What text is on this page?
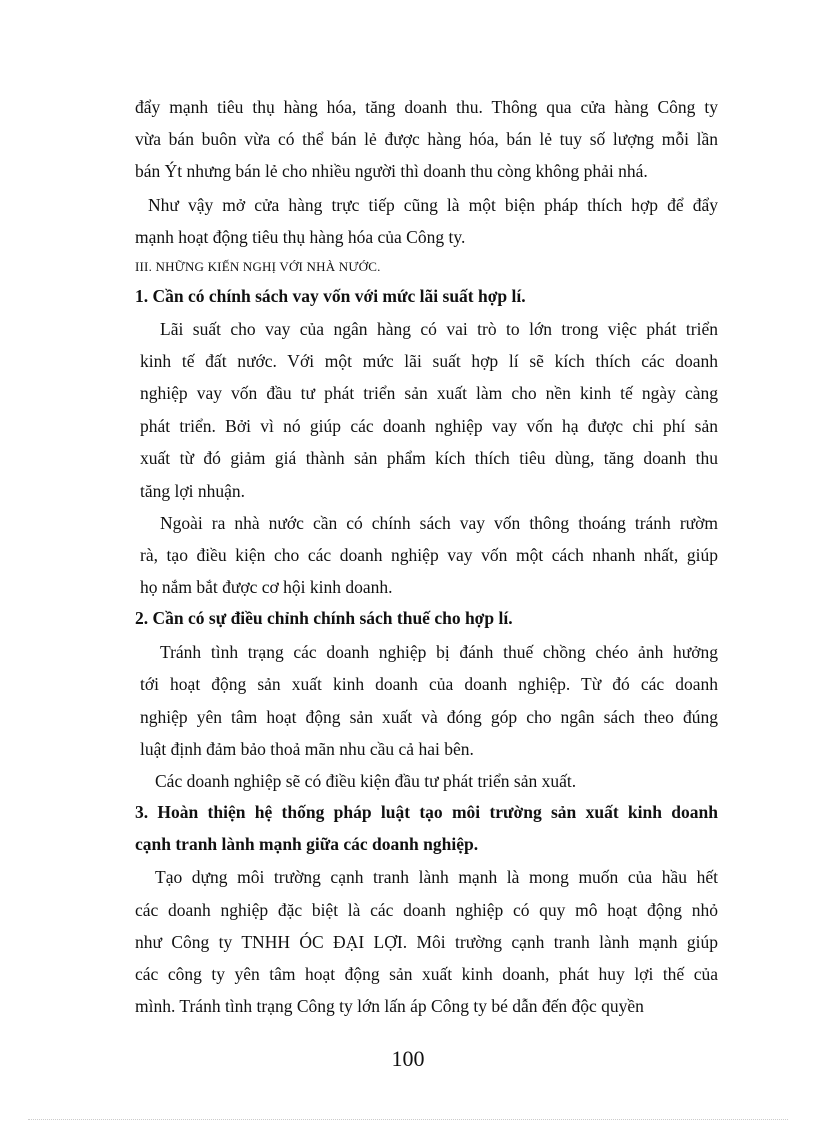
đẩy mạnh tiêu thụ hàng hóa, tăng doanh thu. Thông qua cửa hàng Công ty
vừa bán buôn vừa có thể bán lẻ được hàng hóa, bán lẻ tuy số lượng mỗi lần
bán Ýt nhưng bán lẻ cho nhiều người thì doanh thu còng không phải nhá.
Như vậy mở cửa hàng trực tiếp cũng là một biện pháp thích hợp để đẩy
mạnh hoạt động tiêu thụ hàng hóa của Công ty.
III. NHỮNG KIẾN NGHỊ VỚI NHÀ NƯỚC.
1. Cần có chính sách vay vốn với mức lãi suất hợp lí.
Lãi suất cho vay của ngân hàng có vai trò to lớn trong việc phát triển
kinh tế đất nước. Với một mức lãi suất hợp lí sẽ kích thích các doanh
nghiệp vay vốn đầu tư phát triển sản xuất làm cho nền kinh tế ngày càng
phát triển. Bởi vì nó giúp các doanh nghiệp vay vốn hạ được chi phí sản
xuất từ đó giảm giá thành sản phẩm kích thích tiêu dùng, tăng doanh thu
tăng lợi nhuận.
Ngoài ra nhà nước cần có chính sách vay vốn thông thoáng tránh rườm
rà, tạo điều kiện cho các doanh nghiệp vay vốn một cách nhanh nhất, giúp
họ nắm bắt được cơ hội kinh doanh.
2. Cần có sự điều chỉnh chính sách thuế cho hợp lí.
Tránh tình trạng các doanh nghiệp bị đánh thuế chồng chéo ảnh hưởng
tới hoạt động sản xuất kinh doanh của doanh nghiệp. Từ đó các doanh
nghiệp yên tâm hoạt động sản xuất và đóng góp cho ngân sách theo đúng
luật định đảm bảo thoả mãn nhu cầu cả hai bên.
Các doanh nghiệp sẽ có điều kiện đầu tư phát triển sản xuất.
3. Hoàn thiện hệ thống pháp luật tạo môi trường sản xuất kinh doanh
cạnh tranh lành mạnh giữa các doanh nghiệp.
Tạo dựng môi trường cạnh tranh lành mạnh là mong muốn của hầu hết
các doanh nghiệp đặc biệt là các doanh nghiệp có quy mô hoạt động nhỏ
như Công ty TNHH ÓC ĐẠI LỢI. Môi trường cạnh tranh lành mạnh giúp
các công ty yên tâm hoạt động sản xuất kinh doanh, phát huy lợi thế của
mình. Tránh tình trạng Công ty lớn lấn áp Công ty bé dẫn đến độc quyền
100
